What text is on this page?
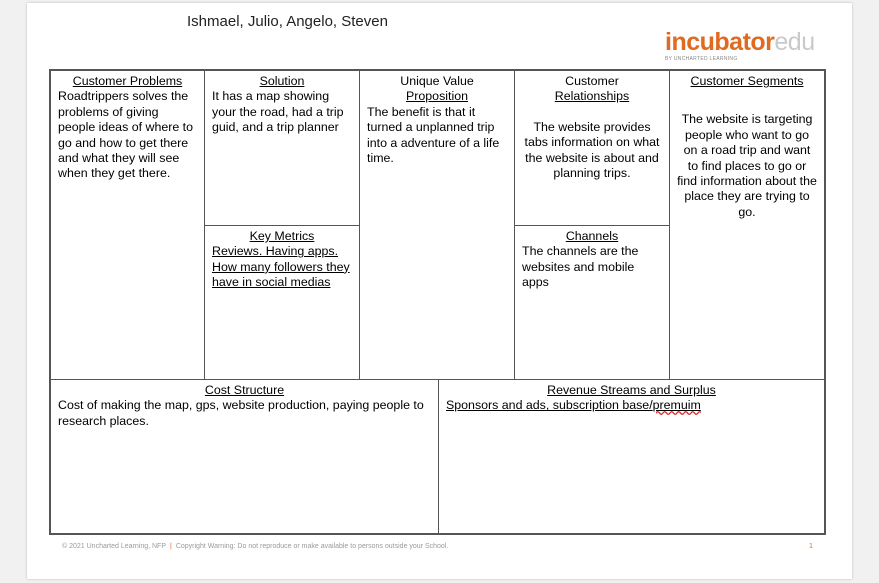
Ishmael, Julio, Angelo, Steven
incubatoredu
BY UNCHARTED LEARNING
Customer Problems
Roadtrippers solves the problems of giving people ideas of where to go and how to get there and what they will see when they get there.
Solution
It has a map showing your the road, had a trip guid, and a trip planner
Key Metrics
Reviews. Having apps. How many followers they have in social medias
Unique Value
Proposition
The benefit is that it turned a unplanned trip into a adventure of a life time.
Customer
Relationships
The website provides tabs information on what the website is about and planning trips.
Channels
The channels are the websites and mobile apps
Customer Segments
The website is targeting people who want to go on a road trip and want to find places to go or find information about the place they are trying to go.
Cost Structure
Cost of making the map, gps, website production, paying people to research places.
Revenue Streams and Surplus
Sponsors and ads, subscription base/premuim
© 2021 Uncharted Learning, NFP | Copyright Warning: Do not reproduce or make available to persons outside your School.	1
